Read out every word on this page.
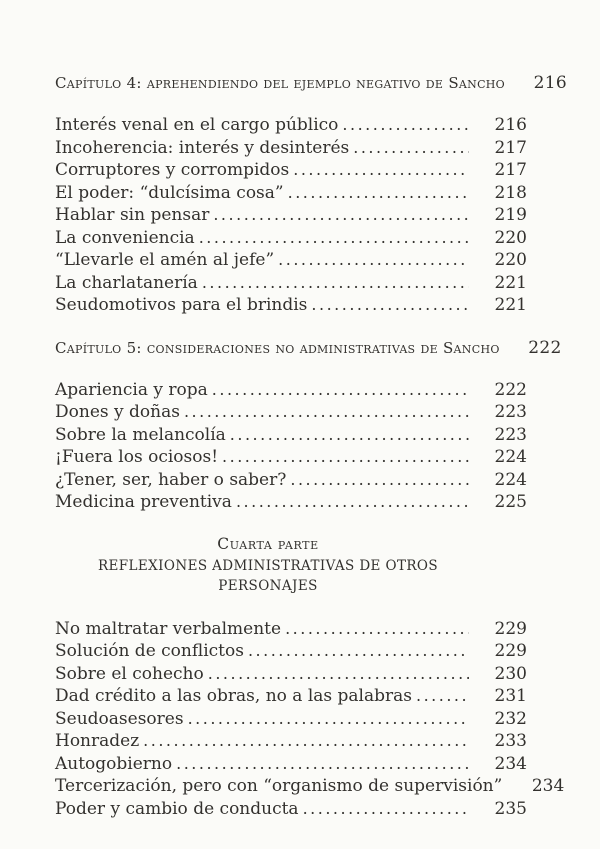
Capítulo 4: aprehendiendo del ejemplo negativo de Sancho	216
Interés venal en el cargo público .....	216
Incoherencia: interés y desinterés .....	217
Corruptores y corrompidos .....	217
El poder: “dulcísima cosa” .....	218
Hablar sin pensar .....	219
La conveniencia .....	220
“Llevarle el amén al jefe” .....	220
La charlatanería .....	221
Seudomotivos para el brindis .....	221
Capítulo 5: consideraciones no administrativas de Sancho	222
Apariencia y ropa .....	222
Dones y doñas .....	223
Sobre la melancolía .....	223
¡Fuera los ociosos! .....	224
¿Tener, ser, haber o saber? .....	224
Medicina preventiva .....	225
Cuarta parte
REFLEXIONES ADMINISTRATIVAS DE OTROS PERSONAJES
No maltratar verbalmente .....	229
Solución de conflictos .....	229
Sobre el cohecho .....	230
Dad crédito a las obras, no a las palabras .....	231
Seudoasesores .....	232
Honradez .....	233
Autogobierno .....	234
Tercerización, pero con “organismo de supervisión”	234
Poder y cambio de conducta .....	235
